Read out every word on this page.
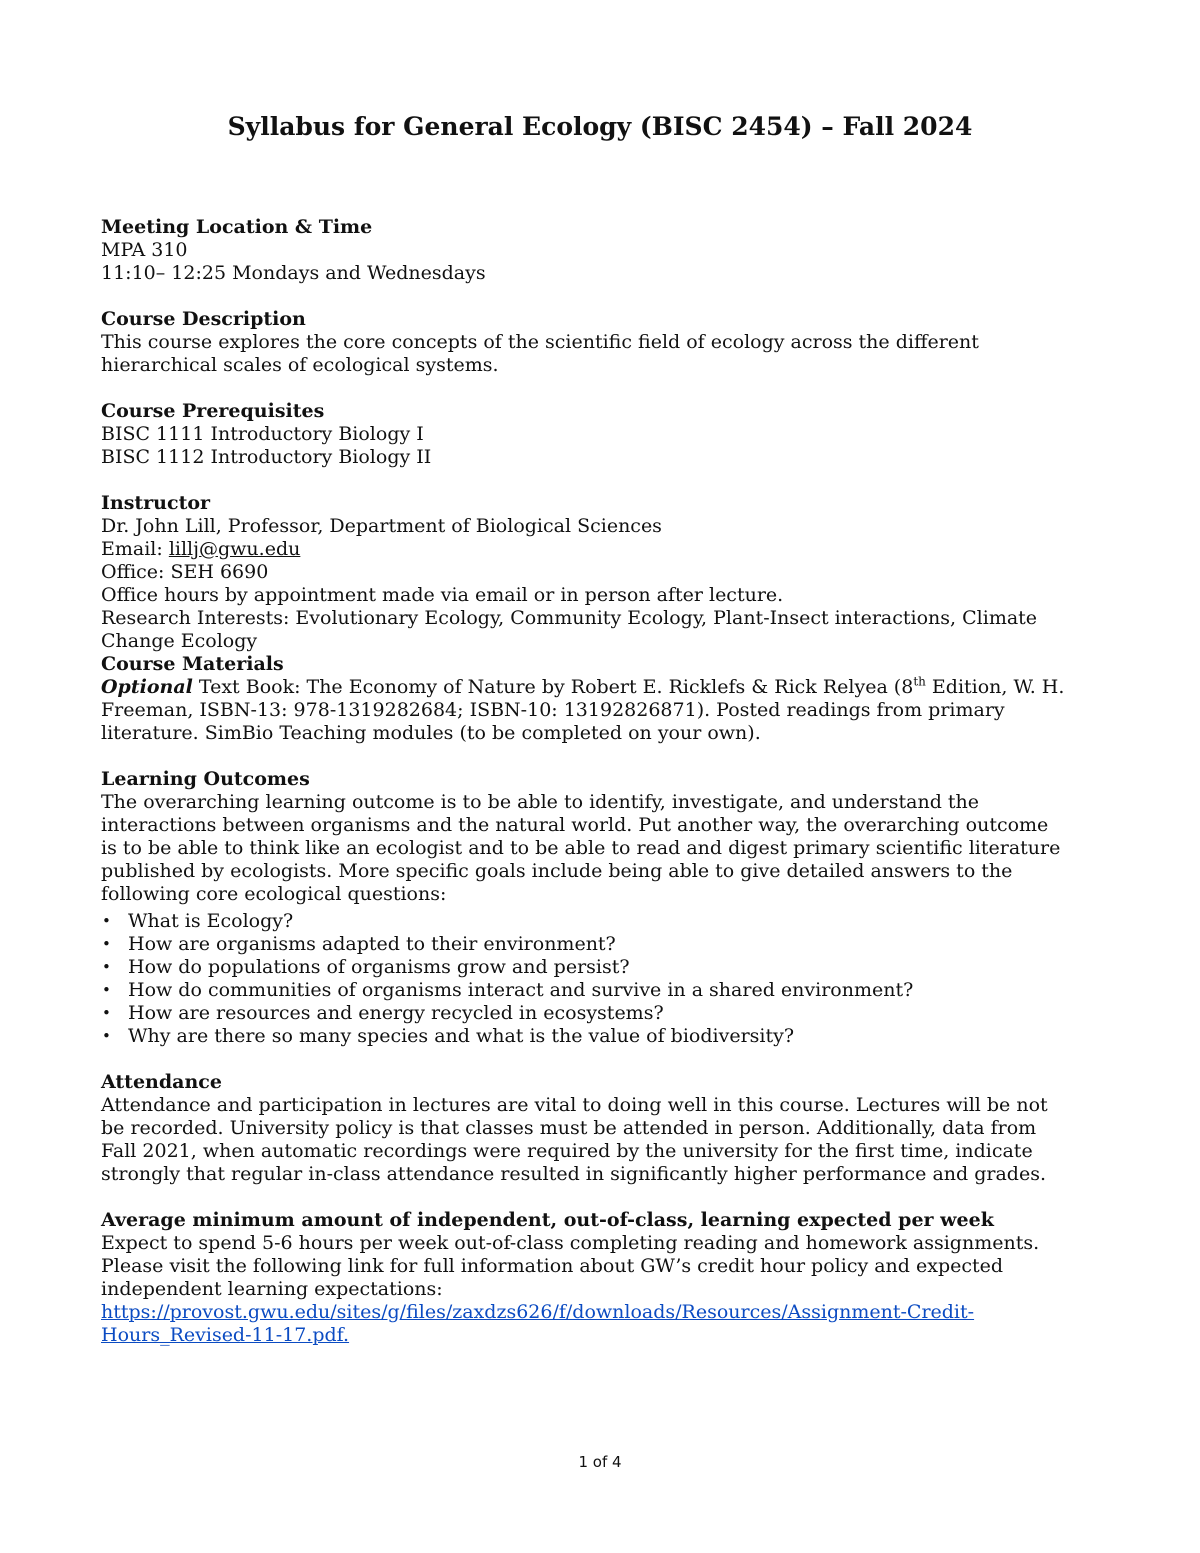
Syllabus for General Ecology (BISC 2454) – Fall 2024
Meeting Location & Time
MPA 310
11:10– 12:25 Mondays and Wednesdays
Course Description
This course explores the core concepts of the scientific field of ecology across the different
hierarchical scales of ecological systems.
Course Prerequisites
BISC 1111 Introductory Biology I
BISC 1112 Introductory Biology II
Instructor
Dr. John Lill, Professor, Department of Biological Sciences
Email: lillj@gwu.edu
Office: SEH 6690
Office hours by appointment made via email or in person after lecture.
Research Interests: Evolutionary Ecology, Community Ecology, Plant-Insect interactions, Climate
Change Ecology
Course Materials
Optional Text Book: The Economy of Nature by Robert E. Ricklefs & Rick Relyea (8th Edition, W. H.
Freeman, ISBN-13: 978-1319282684; ISBN-10: 13192826871). Posted readings from primary
literature. SimBio Teaching modules (to be completed on your own).
Learning Outcomes
The overarching learning outcome is to be able to identify, investigate, and understand the
interactions between organisms and the natural world. Put another way, the overarching outcome
is to be able to think like an ecologist and to be able to read and digest primary scientific literature
published by ecologists. More specific goals include being able to give detailed answers to the
following core ecological questions:
• What is Ecology?
• How are organisms adapted to their environment?
• How do populations of organisms grow and persist?
• How do communities of organisms interact and survive in a shared environment?
• How are resources and energy recycled in ecosystems?
• Why are there so many species and what is the value of biodiversity?
Attendance
Attendance and participation in lectures are vital to doing well in this course. Lectures will be not
be recorded. University policy is that classes must be attended in person. Additionally, data from
Fall 2021, when automatic recordings were required by the university for the first time, indicate
strongly that regular in-class attendance resulted in significantly higher performance and grades.
Average minimum amount of independent, out-of-class, learning expected per week
Expect to spend 5-6 hours per week out-of-class completing reading and homework assignments.
Please visit the following link for full information about GW’s credit hour policy and expected
independent learning expectations:
https://provost.gwu.edu/sites/g/files/zaxdzs626/f/downloads/Resources/Assignment-Credit-
Hours_Revised-11-17.pdf.
1 of 4
